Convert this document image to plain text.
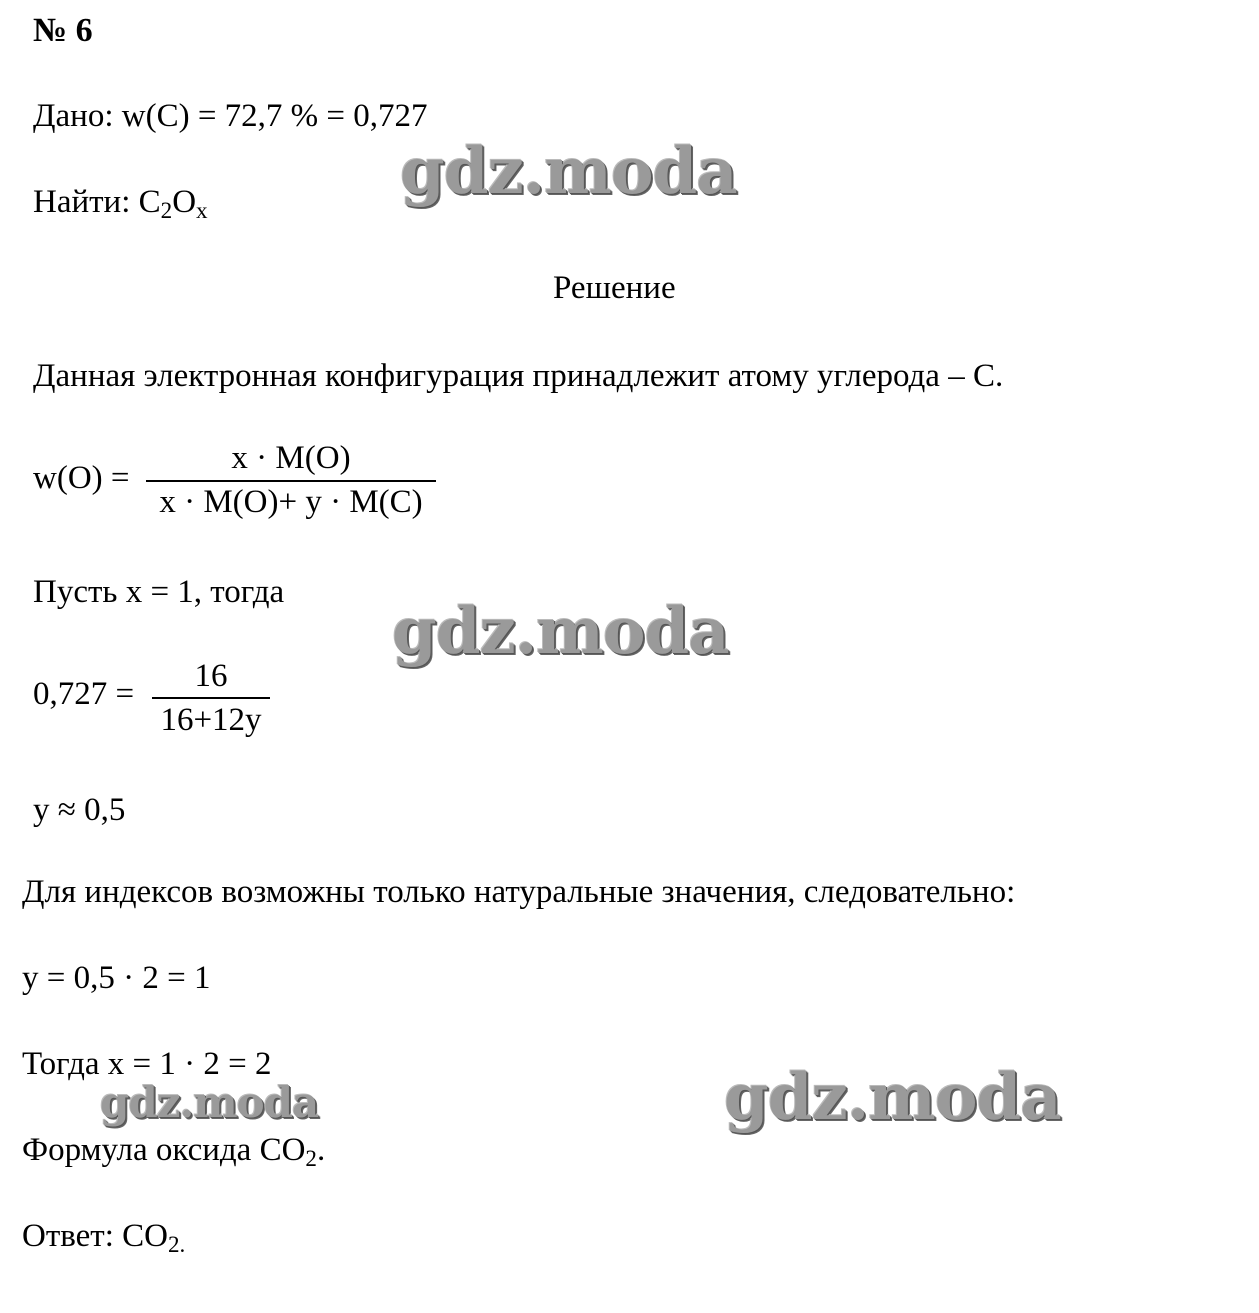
gdz.moda
gdz.moda
gdz.moda	gdz.moda
№ 6
Дано: w(C) = 72,7 % = 0,727
Найти: $C_2O_x$
Решение
Данная электронная конфигурация принадлежит атому углерода – C.
w(O) =
x · M(O)
x · M(O)+ y · M(C)
Пусть x = 1, тогда
0,727 =	16
16+12y
y ≈ 0,5
Для индексов возможны только натуральные значения, следовательно:
y = 0,5 · 2 = 1
Тогда x = 1 · 2 = 2
Формула оксида $CO_2$.
Ответ: $CO_{2.}$
